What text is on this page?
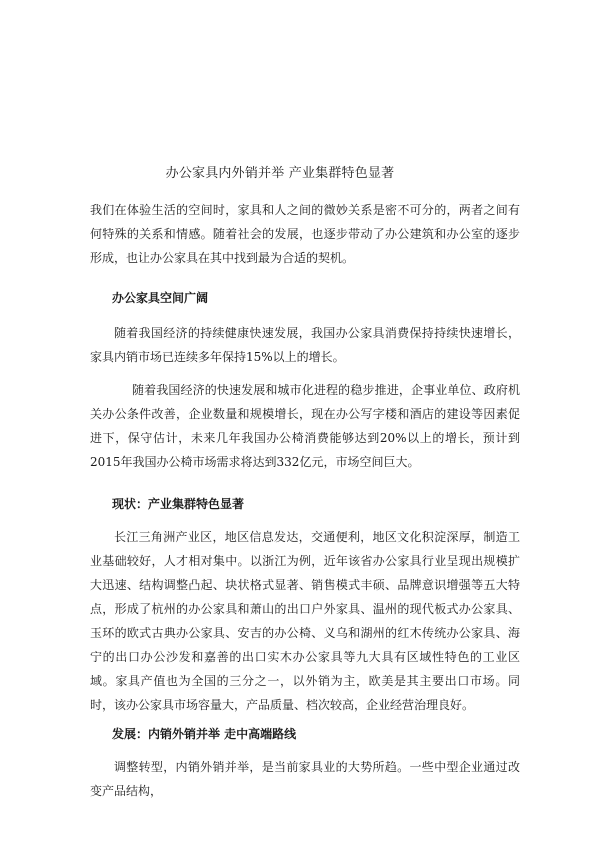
办公家具内外销并举 产业集群特色显著

我们在体验生活的空间时，家具和人之间的微妙关系是密不可分的，两者之间有何特殊的关系和情感。随着社会的发展，也逐步带动了办公建筑和办公室的逐步形成，也让办公家具在其中找到最为合适的契机。

办公家具空间广阔

随着我国经济的持续健康快速发展，我国办公家具消费保持持续快速增长，家具内销市场已连续多年保持15%以上的增长。

随着我国经济的快速发展和城市化进程的稳步推进，企事业单位、政府机关办公条件改善，企业数量和规模增长，现在办公写字楼和酒店的建设等因素促进下，保守估计，未来几年我国办公椅消费能够达到20%以上的增长，预计到2015年我国办公椅市场需求将达到332亿元，市场空间巨大。

现状：产业集群特色显著

长江三角洲产业区，地区信息发达，交通便利，地区文化积淀深厚，制造工业基础较好，人才相对集中。以浙江为例，近年该省办公家具行业呈现出规模扩大迅速、结构调整凸起、块状格式显著、销售模式丰硕、品牌意识增强等五大特点，形成了杭州的办公家具和萧山的出口户外家具、温州的现代板式办公家具、玉环的欧式古典办公家具、安吉的办公椅、义乌和湖州的红木传统办公家具、海宁的出口办公沙发和嘉善的出口实木办公家具等九大具有区域性特色的工业区域。家具产值也为全国的三分之一，以外销为主，欧美是其主要出口市场。同时，该办公家具市场容量大，产品质量、档次较高，企业经营治理良好。

发展：内销外销并举 走中高端路线

调整转型，内销外销并举，是当前家具业的大势所趋。一些中型企业通过改变产品结构，
